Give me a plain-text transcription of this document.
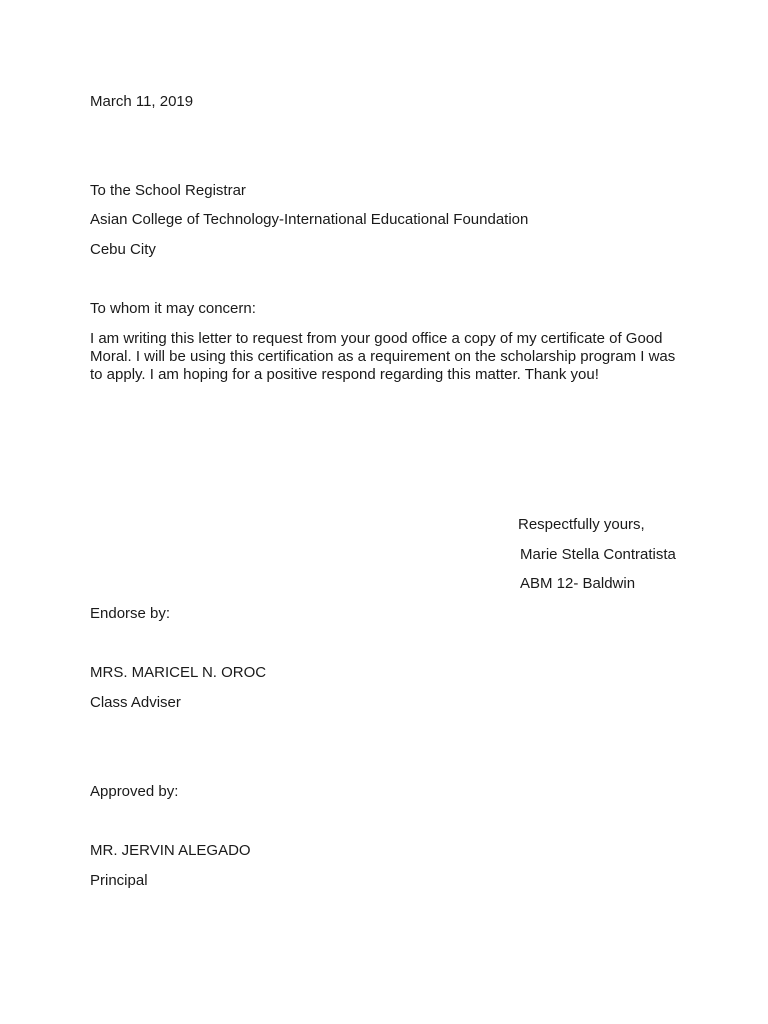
March 11, 2019
To the School Registrar
Asian College of Technology-International Educational Foundation
Cebu City
To whom it may concern:
I am writing this letter to request from your good office a copy of my certificate of Good Moral. I will be using this certification as a requirement on the scholarship program I was to apply. I am hoping for a positive respond regarding this matter. Thank you!
Respectfully yours,
Marie Stella Contratista
ABM 12- Baldwin
Endorse by:
MRS. MARICEL N. OROC
Class Adviser
Approved by:
MR. JERVIN ALEGADO
Principal
